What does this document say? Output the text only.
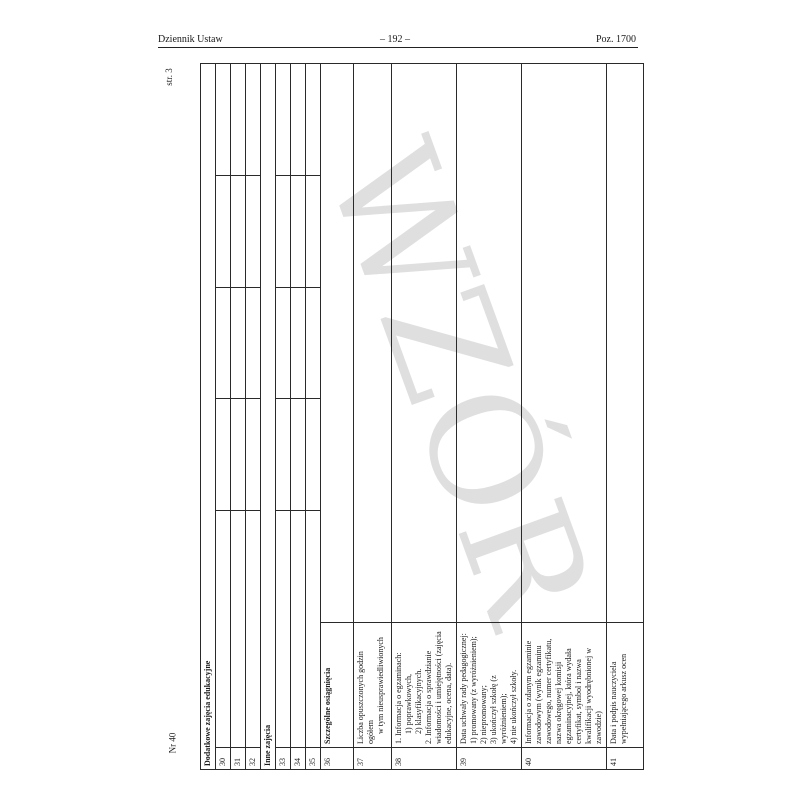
Dziennik Ustaw	– 192 –	Poz. 1700
str. 3
Nr 40
WZÓR
Dodatkowe zajęcia edukacyjne						
30						
31						
32						
Inne zajęcia						
33						
34						
35						
36	Szczególne osiągnięcia					
37	Liczba opuszczonych godzin ogółem w tym nieusprawiedliwionych					

38	1. Informacja o egzaminach: 1) poprawkowych, 2) klasyfikacyjnych. 2. Informacja o sprawdzianie wiadomości i umiejętności (zajęcia edukacyjne, ocena, data).					

39	Data uchwały rady pedagogicznej: 1) promowany (z wyróżnieniem); 2) niepromowany; 3) ukończył szkołę (z wyróżnieniem); 4) nie ukończył szkoły.					

40	Informacja o zdanym egzaminie zawodowym (wynik egzaminu zawodowego, numer certyfikatu, nazwa okręgowej komisji egzaminacyjnej, która wydała certyfikat, symbol i nazwa kwalifikacji wyodrębnionej w zawodzie)					
41	Data i podpis nauczyciela wypełniającego arkusz ocen					
